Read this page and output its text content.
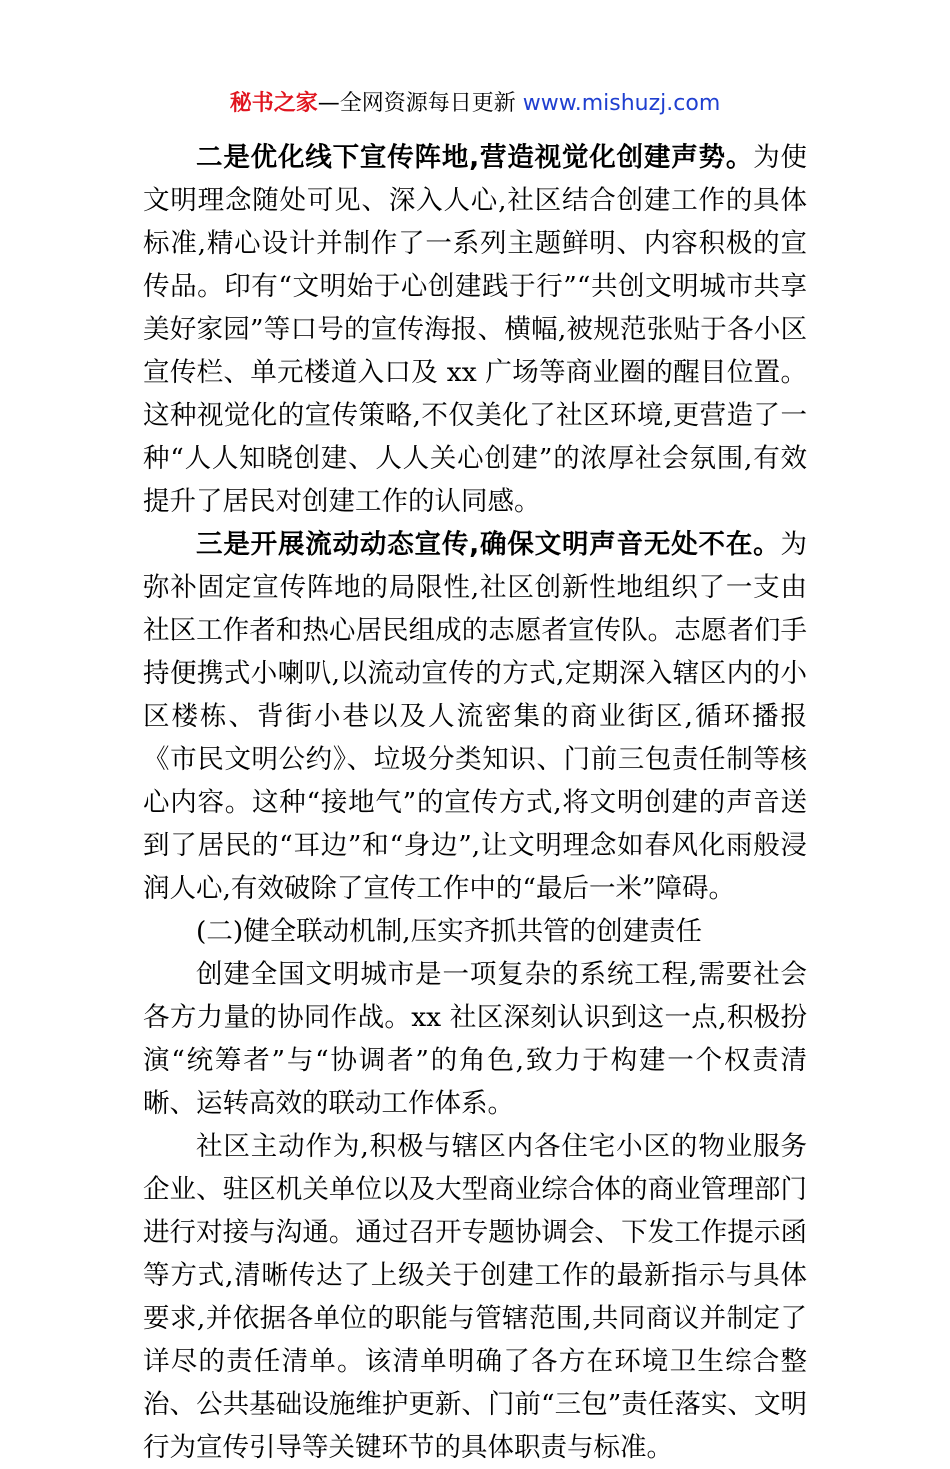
秘书之家—全网资源每日更新 www.mishuzj.com

二是优化线下宣传阵地,营造视觉化创建声势。为使文明理念随处可见、深入人心,社区结合创建工作的具体标准,精心设计并制作了一系列主题鲜明、内容积极的宣传品。印有“文明始于心创建践于行”“共创文明城市共享美好家园”等口号的宣传海报、横幅,被规范张贴于各小区宣传栏、单元楼道入口及 xx 广场等商业圈的醒目位置。这种视觉化的宣传策略,不仅美化了社区环境,更营造了一种“人人知晓创建、人人关心创建”的浓厚社会氛围,有效提升了居民对创建工作的认同感。

三是开展流动动态宣传,确保文明声音无处不在。为弥补固定宣传阵地的局限性,社区创新性地组织了一支由社区工作者和热心居民组成的志愿者宣传队。志愿者们手持便携式小喇叭,以流动宣传的方式,定期深入辖区内的小区楼栋、背街小巷以及人流密集的商业街区,循环播报《市民文明公约》、垃圾分类知识、门前三包责任制等核心内容。这种“接地气”的宣传方式,将文明创建的声音送到了居民的“耳边”和“身边”,让文明理念如春风化雨般浸润人心,有效破除了宣传工作中的“最后一米”障碍。

(二)健全联动机制,压实齐抓共管的创建责任

创建全国文明城市是一项复杂的系统工程,需要社会各方力量的协同作战。xx 社区深刻认识到这一点,积极扮演“统筹者”与“协调者”的角色,致力于构建一个权责清晰、运转高效的联动工作体系。

社区主动作为,积极与辖区内各住宅小区的物业服务企业、驻区机关单位以及大型商业综合体的商业管理部门进行对接与沟通。通过召开专题协调会、下发工作提示函等方式,清晰传达了上级关于创建工作的最新指示与具体要求,并依据各单位的职能与管辖范围,共同商议并制定了详尽的责任清单。该清单明确了各方在环境卫生综合整治、公共基础设施维护更新、门前“三包”责任落实、文明行为宣传引导等关键环节的具体职责与标准。
